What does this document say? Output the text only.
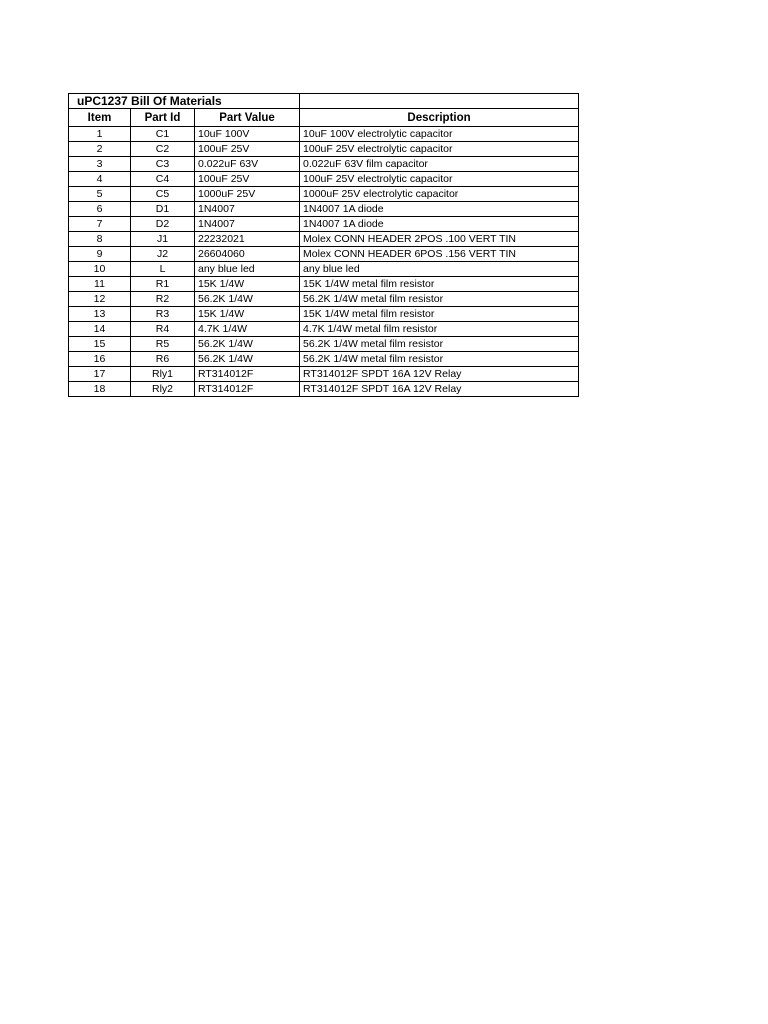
uPC1237 Bill Of Materials			
Item	Part Id	Part Value	Description
1	C1	10uF 100V	10uF 100V electrolytic capacitor
2	C2	100uF 25V	100uF 25V electrolytic capacitor
3	C3	0.022uF 63V	0.022uF 63V film capacitor
4	C4	100uF 25V	100uF 25V electrolytic capacitor
5	C5	1000uF 25V	1000uF 25V electrolytic capacitor
6	D1	1N4007	1N4007 1A diode
7	D2	1N4007	1N4007 1A diode
8	J1	22232021	Molex CONN HEADER 2POS .100 VERT TIN
9	J2	26604060	Molex CONN HEADER 6POS .156 VERT TIN
10	L	any blue led	any blue led
11	R1	15K 1/4W	15K 1/4W metal film resistor
12	R2	56.2K 1/4W	56.2K 1/4W metal film resistor
13	R3	15K 1/4W	15K 1/4W metal film resistor
14	R4	4.7K 1/4W	4.7K 1/4W metal film resistor
15	R5	56.2K 1/4W	56.2K 1/4W metal film resistor
16	R6	56.2K 1/4W	56.2K 1/4W metal film resistor
17	Rly1	RT314012F	RT314012F SPDT 16A 12V Relay
18	Rly2	RT314012F	RT314012F SPDT 16A 12V Relay
